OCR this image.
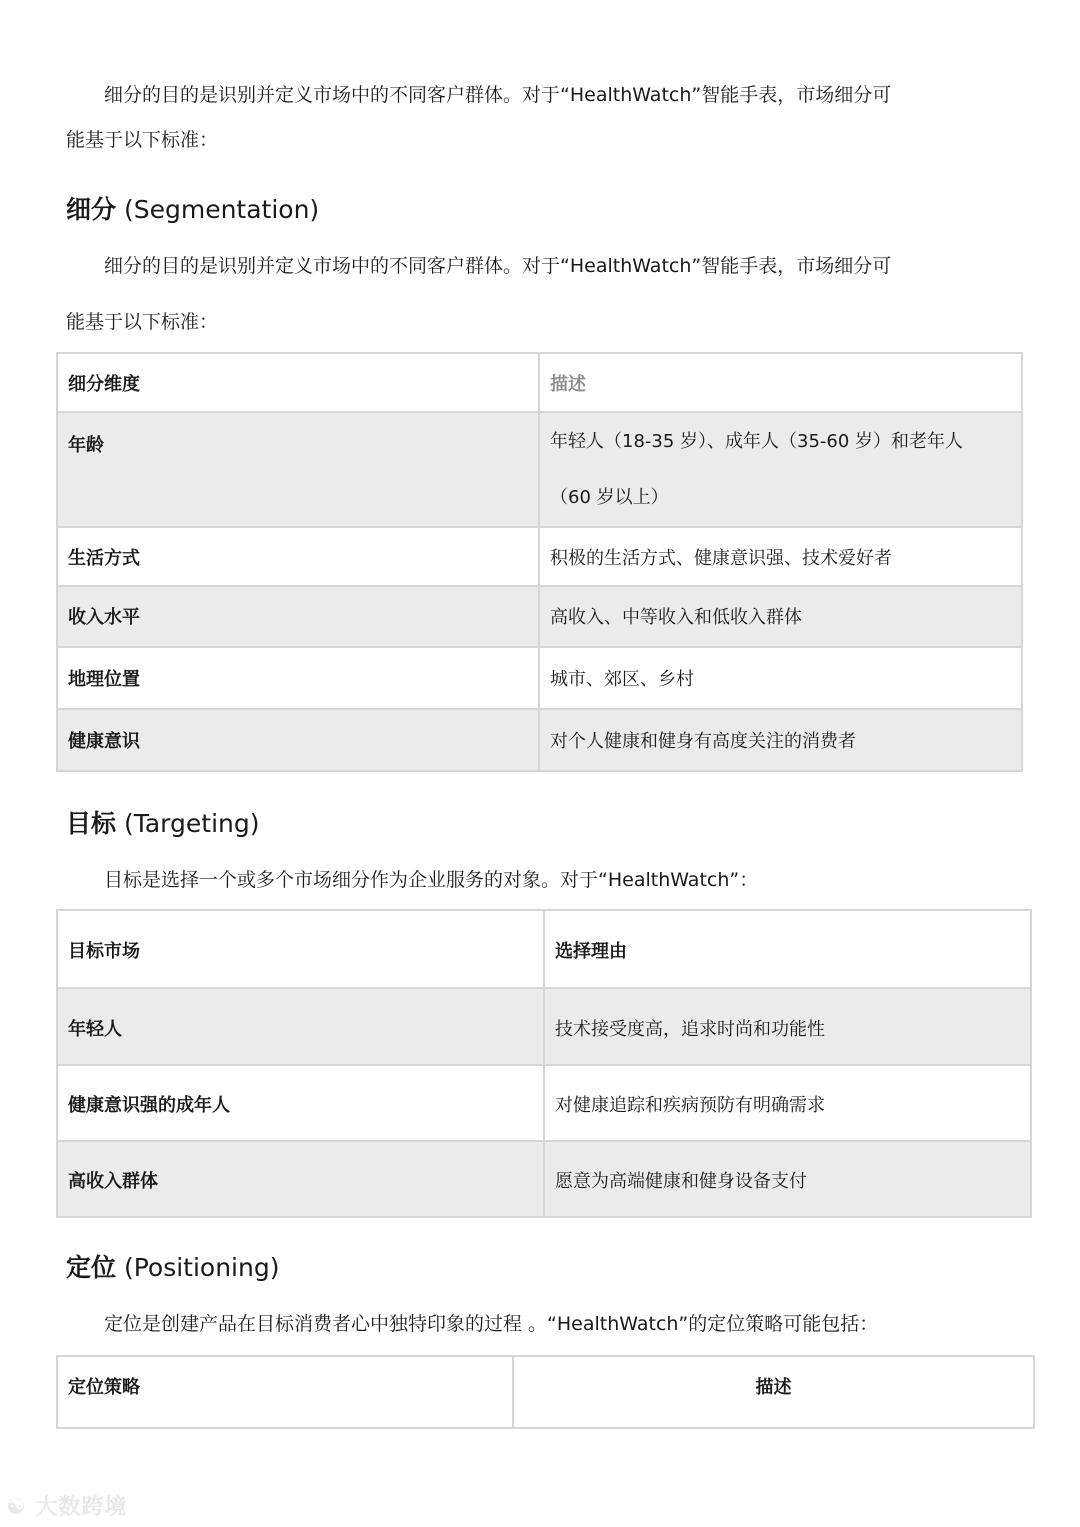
细分的目的是识别并定义市场中的不同客户群体。对于“HealthWatch”智能手表，市场细分可
能基于以下标准：

细分 (Segmentation)

细分的目的是识别并定义市场中的不同客户群体。对于“HealthWatch”智能手表，市场细分可
能基于以下标准：

细分维度	描述
年龄	年轻人（18-35 岁）、成年人（35-60 岁）和老年人
（60 岁以上）

生活方式	积极的生活方式、健康意识强、技术爱好者
收入水平	高收入、中等收入和低收入群体
地理位置	城市、郊区、乡村
健康意识	对个人健康和健身有高度关注的消费者
目标 (Targeting)

目标是选择一个或多个市场细分作为企业服务的对象。对于“HealthWatch”：

目标市场	选择理由
年轻人	技术接受度高，追求时尚和功能性
健康意识强的成年人	对健康追踪和疾病预防有明确需求
高收入群体	愿意为高端健康和健身设备支付
定位 (Positioning)

定位是创建产品在目标消费者心中独特印象的过程 。“HealthWatch”的定位策略可能包括：

定位策略	描述
☯ 大数跨境
